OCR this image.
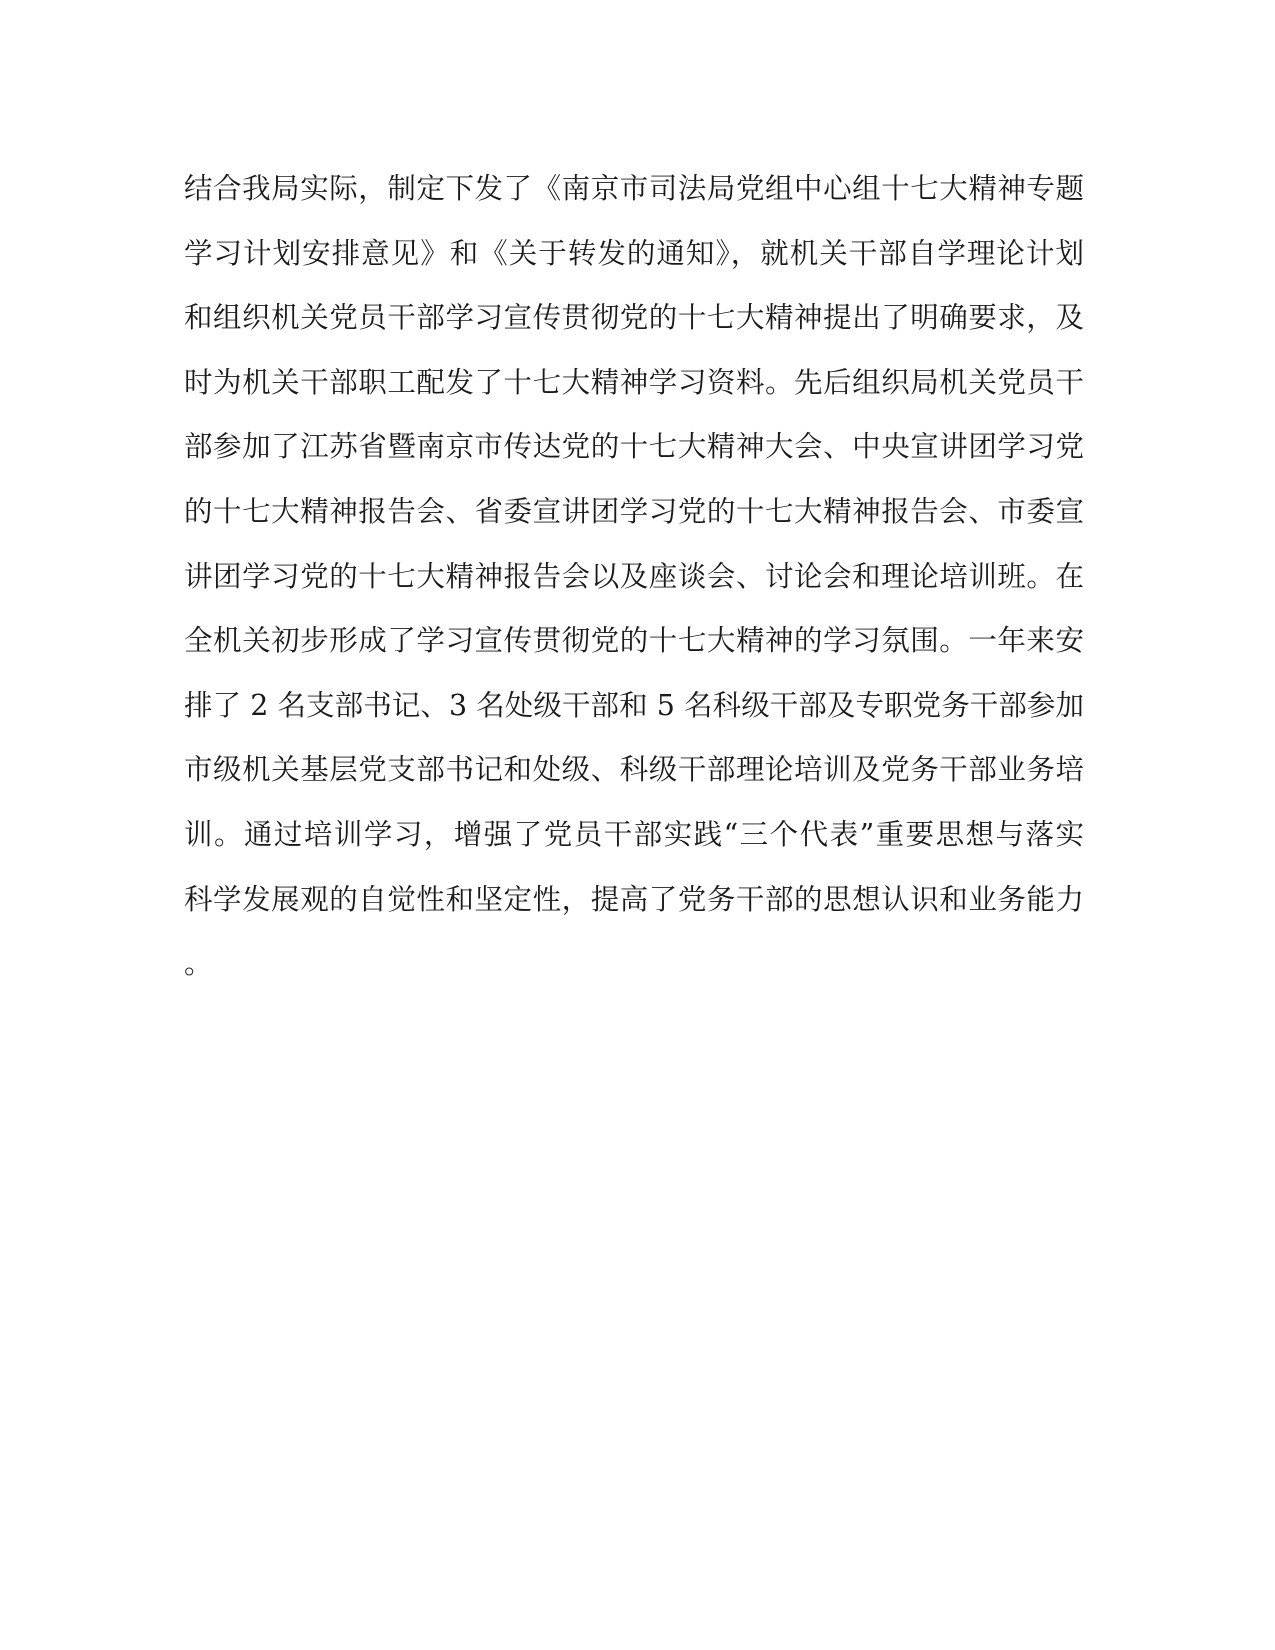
结合我局实际，制定下发了《南京市司法局党组中心组十七大精神专题
学习计划安排意见》和《关于转发的通知》，就机关干部自学理论计划
和组织机关党员干部学习宣传贯彻党的十七大精神提出了明确要求，及
时为机关干部职工配发了十七大精神学习资料。先后组织局机关党员干
部参加了江苏省暨南京市传达党的十七大精神大会、中央宣讲团学习党
的十七大精神报告会、省委宣讲团学习党的十七大精神报告会、市委宣
讲团学习党的十七大精神报告会以及座谈会、讨论会和理论培训班。在
全机关初步形成了学习宣传贯彻党的十七大精神的学习氛围。一年来安
排了 2 名支部书记、3 名处级干部和 5 名科级干部及专职党务干部参加
市级机关基层党支部书记和处级、科级干部理论培训及党务干部业务培
训。通过培训学习，增强了党员干部实践“三个代表”重要思想与落实
科学发展观的自觉性和坚定性，提高了党务干部的思想认识和业务能力
。
